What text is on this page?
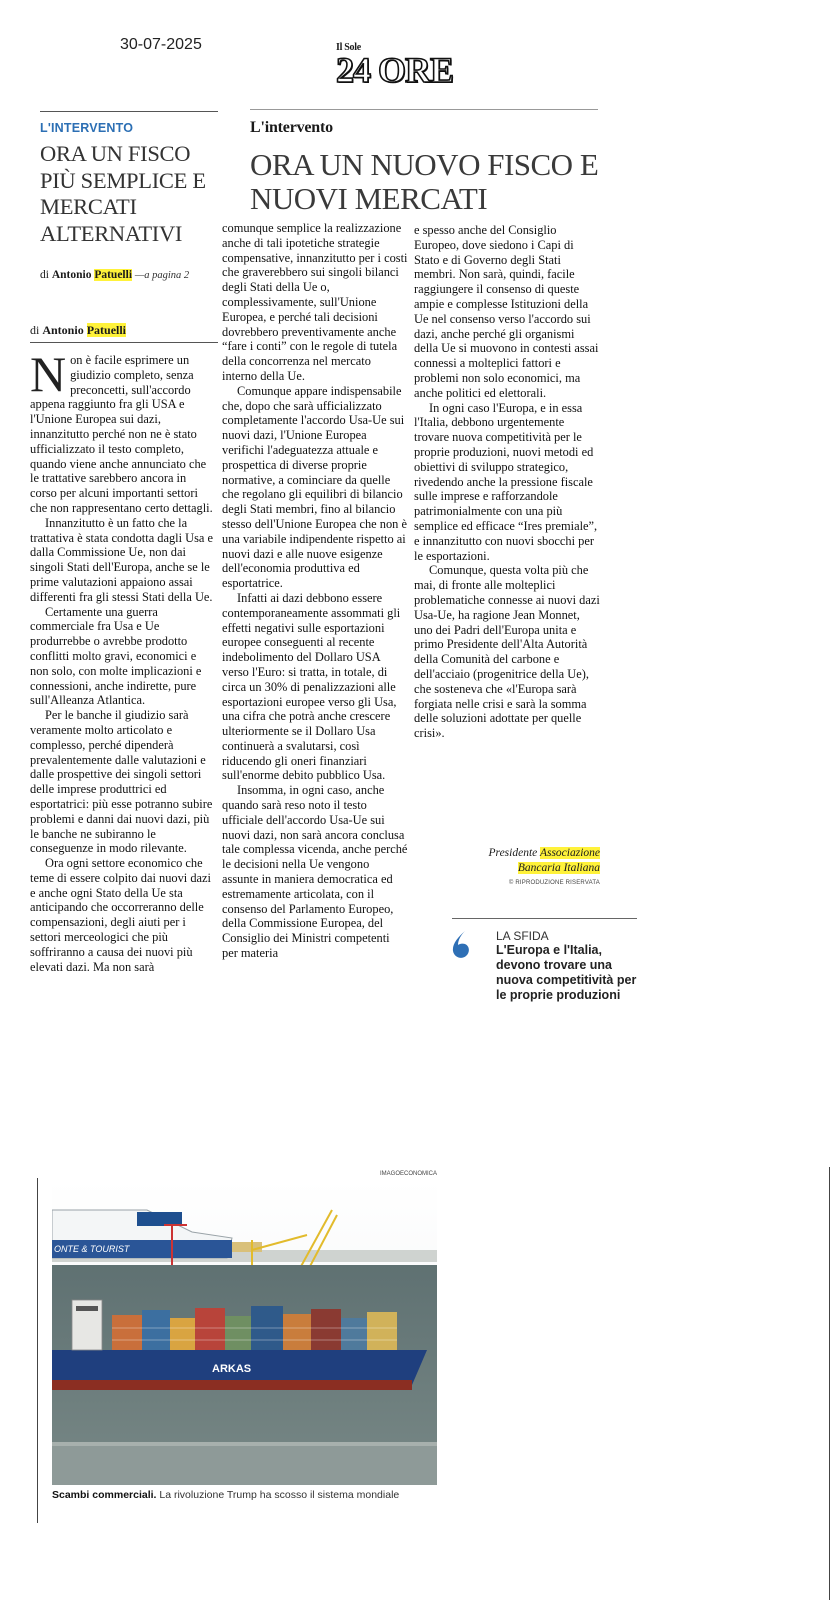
30-07-2025	Il Sole
24 ORE
L'INTERVENTO
ORA UN FISCO PIÙ SEMPLICE E MERCATI ALTERNATIVI
di Antonio Patuelli —a pagina 2
L'intervento
ORA UN NUOVO FISCO E NUOVI MERCATI
di Antonio Patuelli
N on è facile esprimere un giudizio completo, senza preconcetti, sull'accordo appena raggiunto fra gli USA e l'Unione Europea sui dazi, innanzitutto perché non ne è stato ufficializzato il testo completo, quando viene anche annunciato che le trattative sarebbero ancora in corso per alcuni importanti settori che non rappresentano certo dettagli.

Innanzitutto è un fatto che la trattativa è stata condotta dagli Usa e dalla Commissione Ue, non dai singoli Stati dell'Europa, anche se le prime valutazioni appaiono assai differenti fra gli stessi Stati della Ue.

Certamente una guerra commerciale fra Usa e Ue produrrebbe o avrebbe prodotto conflitti molto gravi, economici e non solo, con molte implicazioni e connessioni, anche indirette, pure sull'Alleanza Atlantica.

Per le banche il giudizio sarà veramente molto articolato e complesso, perché dipenderà prevalentemente dalle valutazioni e dalle prospettive dei singoli settori delle imprese produttrici ed esportatrici: più esse potranno subire problemi e danni dai nuovi dazi, più le banche ne subiranno le conseguenze in modo rilevante.

Ora ogni settore economico che teme di essere colpito dai nuovi dazi e anche ogni Stato della Ue sta anticipando che occorreranno delle compensazioni, degli aiuti per i settori merceologici che più soffriranno a causa dei nuovi più elevati dazi. Ma non sarà

comunque semplice la realizzazione anche di tali ipotetiche strategie compensative, innanzitutto per i costi che graverebbero sui singoli bilanci degli Stati della Ue o, complessivamente, sull'Unione Europea, e perché tali decisioni dovrebbero preventivamente anche “fare i conti” con le regole di tutela della concorrenza nel mercato interno della Ue.

Comunque appare indispensabile che, dopo che sarà ufficializzato completamente l'accordo Usa-Ue sui nuovi dazi, l'Unione Europea verifichi l'adeguatezza attuale e prospettica di diverse proprie normative, a cominciare da quelle che regolano gli equilibri di bilancio degli Stati membri, fino al bilancio stesso dell'Unione Europea che non è una variabile indipendente rispetto ai nuovi dazi e alle nuove esigenze dell'economia produttiva ed esportatrice.

Infatti ai dazi debbono essere contemporaneamente assommati gli effetti negativi sulle esportazioni europee conseguenti al recente indebolimento del Dollaro USA verso l'Euro: si tratta, in totale, di circa un 30% di penalizzazioni alle esportazioni europee verso gli Usa, una cifra che potrà anche crescere ulteriormente se il Dollaro Usa continuerà a svalutarsi, così riducendo gli oneri finanziari sull'enorme debito pubblico Usa.

Insomma, in ogni caso, anche quando sarà reso noto il testo ufficiale dell'accordo Usa-Ue sui nuovi dazi, non sarà ancora conclusa tale complessa vicenda, anche perché le decisioni nella Ue vengono assunte in maniera democratica ed estremamente articolata, con il consenso del Parlamento Europeo, della Commissione Europea, del Consiglio dei Ministri competenti per materia

e spesso anche del Consiglio Europeo, dove siedono i Capi di Stato e di Governo degli Stati membri. Non sarà, quindi, facile raggiungere il consenso di queste ampie e complesse Istituzioni della Ue nel consenso verso l'accordo sui dazi, anche perché gli organismi della Ue si muovono in contesti assai connessi a molteplici fattori e problemi non solo economici, ma anche politici ed elettorali.

In ogni caso l'Europa, e in essa l'Italia, debbono urgentemente trovare nuova competitività per le proprie produzioni, nuovi metodi ed obiettivi di sviluppo strategico, rivedendo anche la pressione fiscale sulle imprese e rafforzandole patrimonialmente con una più semplice ed efficace “Ires premiale”, e innanzitutto con nuovi sbocchi per le esportazioni.

Comunque, questa volta più che mai, di fronte alle molteplici problematiche connesse ai nuovi dazi Usa-Ue, ha ragione Jean Monnet, uno dei Padri dell'Europa unita e primo Presidente dell'Alta Autorità della Comunità del carbone e dell'acciaio (progenitrice della Ue), che sosteneva che «l'Europa sarà forgiata nelle crisi e sarà la somma delle soluzioni adottate per quelle crisi».

Presidente Associazione
Bancaria Italiana
© RIPRODUZIONE RISERVATA
LA SFIDA
L'Europa e l'Italia, devono trovare una nuova competitività per le proprie produzioni
IMAGOECONOMICA
ONTE & TOURIST
ARKAS
Scambi commerciali. La rivoluzione Trump ha scosso il sistema mondiale
